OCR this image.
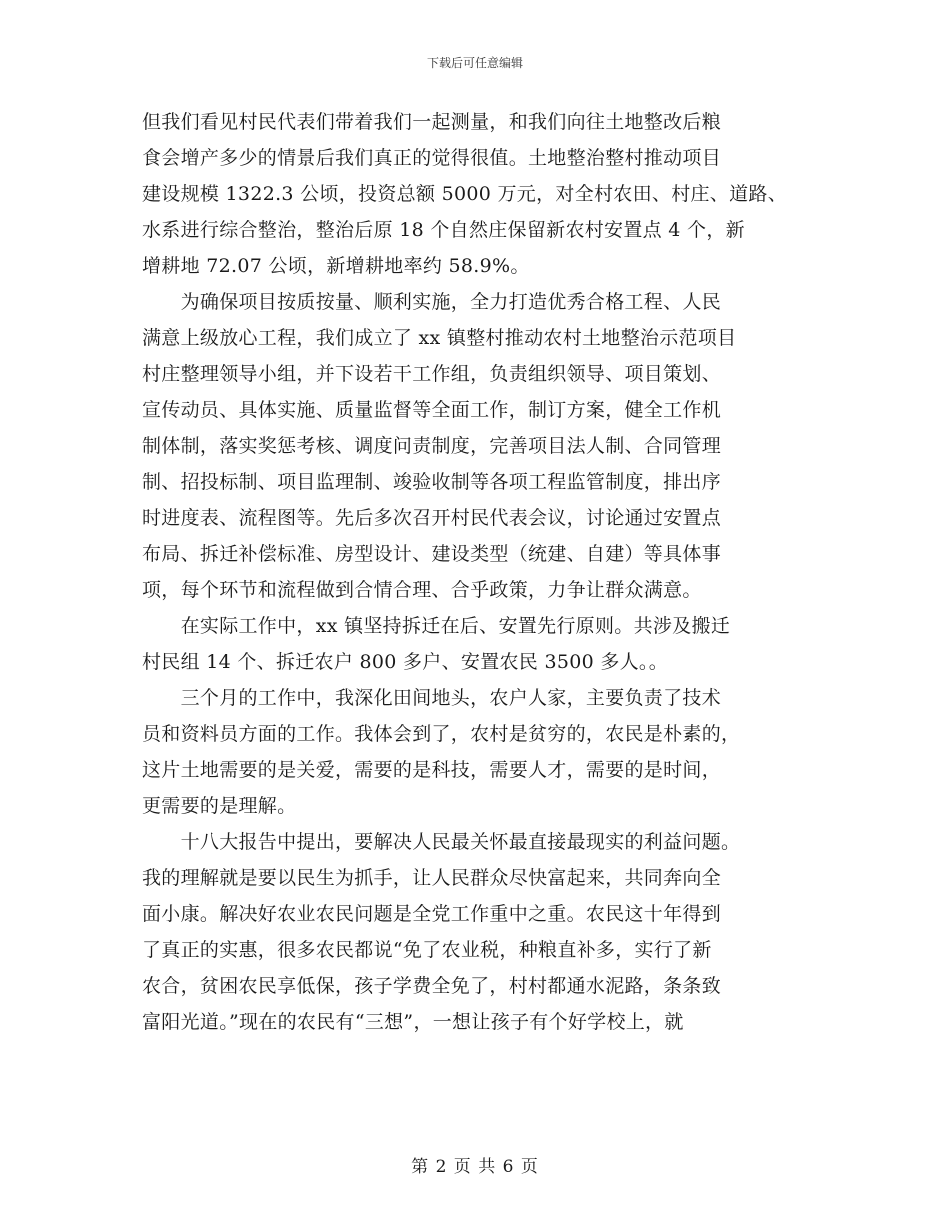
下载后可任意编辑
但我们看见村民代表们带着我们一起测量，和我们向往土地整改后粮
食会增产多少的情景后我们真正的觉得很值。土地整治整村推动项目
建设规模 1322.3 公顷，投资总额 5000 万元，对全村农田、村庄、道路、
水系进行综合整治，整治后原 18 个自然庄保留新农村安置点 4 个，新
增耕地 72.07 公顷，新增耕地率约 58.9%。
　　为确保项目按质按量、顺利实施，全力打造优秀合格工程、人民
满意上级放心工程，我们成立了 xx 镇整村推动农村土地整治示范项目
村庄整理领导小组，并下设若干工作组，负责组织领导、项目策划、
宣传动员、具体实施、质量监督等全面工作，制订方案，健全工作机
制体制，落实奖惩考核、调度问责制度，完善项目法人制、合同管理
制、招投标制、项目监理制、竣验收制等各项工程监管制度，排出序
时进度表、流程图等。先后多次召开村民代表会议，讨论通过安置点
布局、拆迁补偿标准、房型设计、建设类型（统建、自建）等具体事
项，每个环节和流程做到合情合理、合乎政策，力争让群众满意。
　　在实际工作中，xx 镇坚持拆迁在后、安置先行原则。共涉及搬迁
村民组 14 个、拆迁农户 800 多户、安置农民 3500 多人。。
　　三个月的工作中，我深化田间地头，农户人家，主要负责了技术
员和资料员方面的工作。我体会到了，农村是贫穷的，农民是朴素的，
这片土地需要的是关爱，需要的是科技，需要人才，需要的是时间，
更需要的是理解。
　　十八大报告中提出，要解决人民最关怀最直接最现实的利益问题。
我的理解就是要以民生为抓手，让人民群众尽快富起来，共同奔向全
面小康。解决好农业农民问题是全党工作重中之重。农民这十年得到
了真正的实惠，很多农民都说“免了农业税，种粮直补多，实行了新
农合，贫困农民享低保，孩子学费全免了，村村都通水泥路，条条致
富阳光道。”现在的农民有“三想”，一想让孩子有个好学校上，就
第 2 页 共 6 页
